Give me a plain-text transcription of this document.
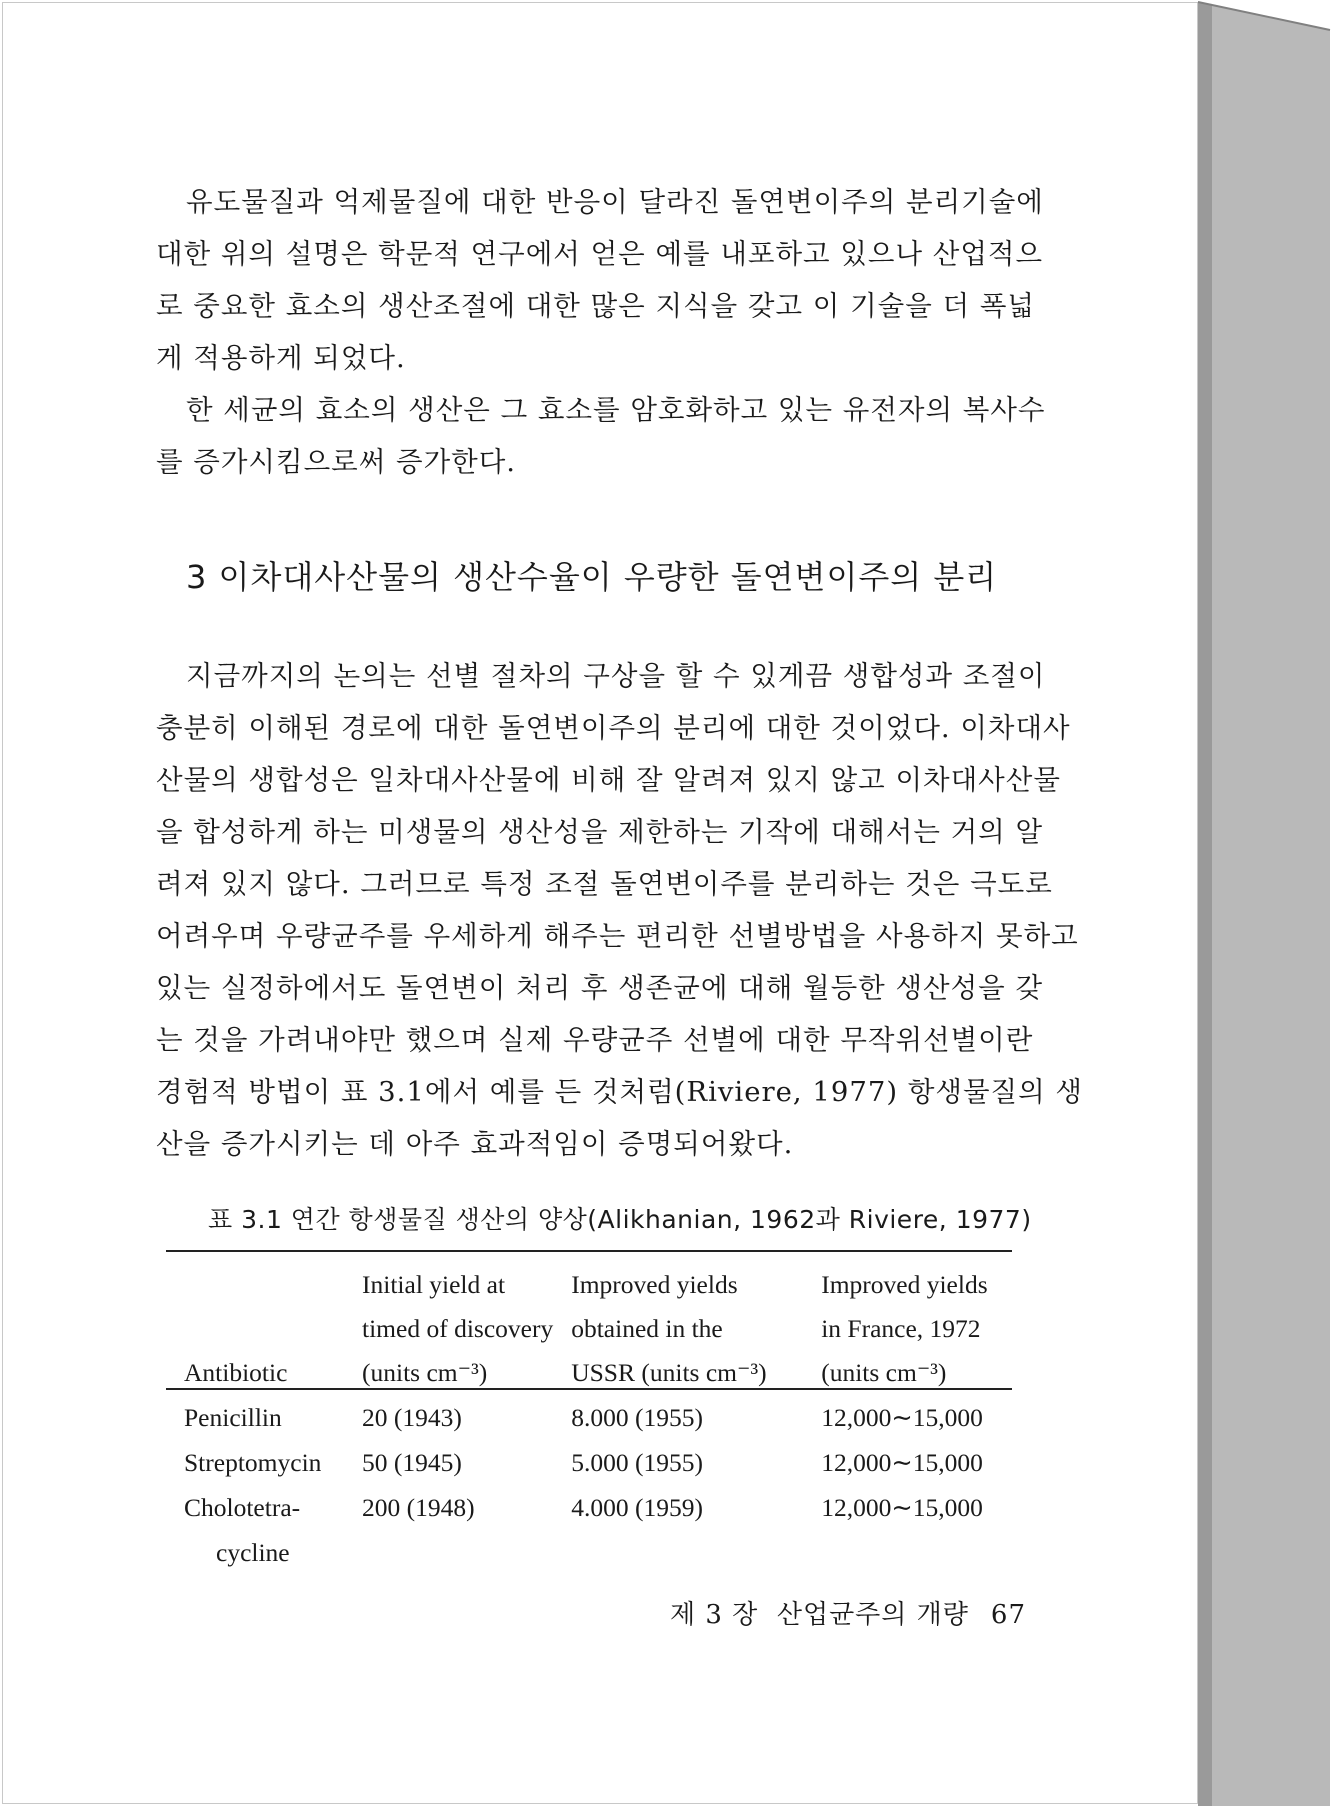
유도물질과 억제물질에 대한 반응이 달라진 돌연변이주의 분리기술에
대한 위의 설명은 학문적 연구에서 얻은 예를 내포하고 있으나 산업적으
로 중요한 효소의 생산조절에 대한 많은 지식을 갖고 이 기술을 더 폭넓
게 적용하게 되었다.
한 세균의 효소의 생산은 그 효소를 암호화하고 있는 유전자의 복사수
를 증가시킴으로써 증가한다.
3 이차대사산물의 생산수율이 우량한 돌연변이주의 분리
지금까지의 논의는 선별 절차의 구상을 할 수 있게끔 생합성과 조절이
충분히 이해된 경로에 대한 돌연변이주의 분리에 대한 것이었다. 이차대사
산물의 생합성은 일차대사산물에 비해 잘 알려져 있지 않고 이차대사산물
을 합성하게 하는 미생물의 생산성을 제한하는 기작에 대해서는 거의 알
려져 있지 않다. 그러므로 특정 조절 돌연변이주를 분리하는 것은 극도로
어려우며 우량균주를 우세하게 해주는 편리한 선별방법을 사용하지 못하고
있는 실정하에서도 돌연변이 처리 후 생존균에 대해 월등한 생산성을 갖
는 것을 가려내야만 했으며 실제 우량균주 선별에 대한 무작위선별이란
경험적 방법이 표 3.1에서 예를 든 것처럼(Riviere, 1977) 항생물질의 생
산을 증가시키는 데 아주 효과적임이 증명되어왔다.

표 3.1 연간 항생물질 생산의 양상(Alikhanian, 1962과 Riviere, 1977)

	Initial yield at	Improved yields	Improved yields
	timed of discovery	obtained in the	in France, 1972
Antibiotic	(units cm⁻³)	USSR (units cm⁻³)	(units cm⁻³)
Penicillin	20 (1943)	8.000 (1955)	12,000∼15,000
Streptomycin	50 (1945)	5.000 (1955)	12,000∼15,000
Cholotetra-	200 (1948)	4.000 (1959)	12,000∼15,000
cycline			

제 3 장  산업균주의 개량 67
